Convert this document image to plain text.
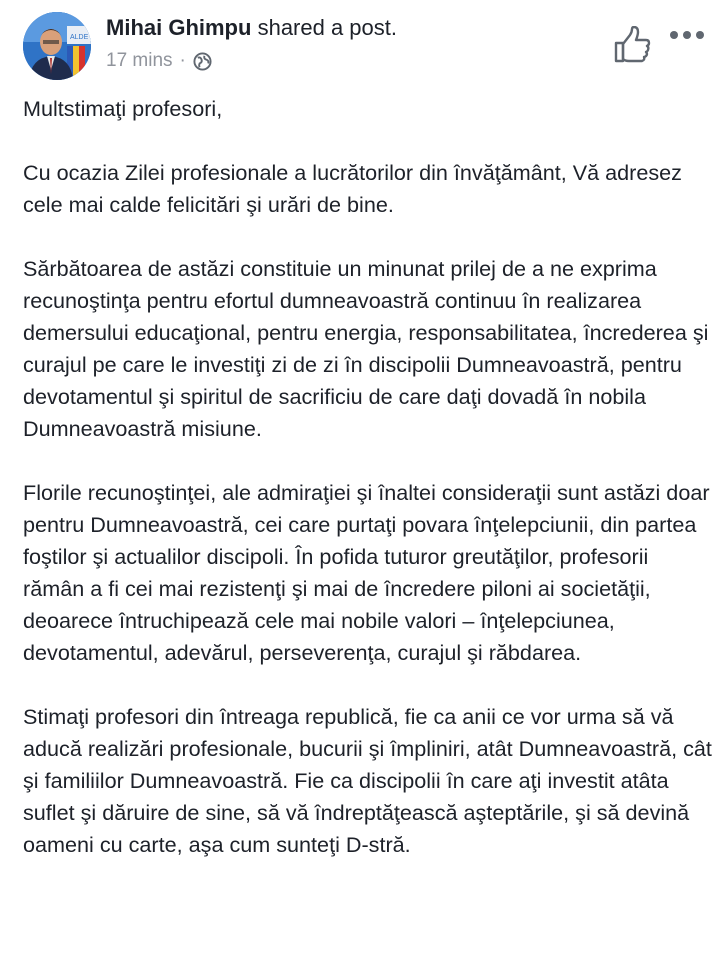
ALDE Mihai Ghimpu shared a post.
17 mins ·

Multstimaţi profesori,

Cu ocazia Zilei profesionale a lucrătorilor din învăţământ, Vă adresez cele mai calde felicitări şi urări de bine.

Sărbătoarea de astăzi constituie un minunat prilej de a ne exprima recunoştinţa pentru efortul dumneavoastră continuu în realizarea demersului educaţional, pentru energia, responsabilitatea, încrederea şi curajul pe care le investiţi zi de zi în discipolii Dumneavoastră, pentru devotamentul şi spiritul de sacrificiu de care daţi dovadă în nobila Dumneavoastră misiune.

Florile recunoştinţei, ale admiraţiei şi înaltei consideraţii sunt astăzi doar pentru Dumneavoastră, cei care purtaţi povara înţelepciunii, din partea foştilor şi actualilor discipoli. În pofida tuturor greutăţilor, profesorii rămân a fi cei mai rezistenţi şi mai de încredere piloni ai societăţii, deoarece întruchipează cele mai nobile valori – înţelepciunea, devotamentul, adevărul, perseverenţa, curajul şi răbdarea.

Stimaţi profesori din întreaga republică, fie ca anii ce vor urma să vă aducă realizări profesionale, bucurii şi împliniri, atât Dumneavoastră, cât şi familiilor Dumneavoastră. Fie ca discipolii în care aţi investit atâta suflet şi dăruire de sine, să vă îndreptăţească aşteptările, şi să devină oameni cu carte, aşa cum sunteţi D-stră.
